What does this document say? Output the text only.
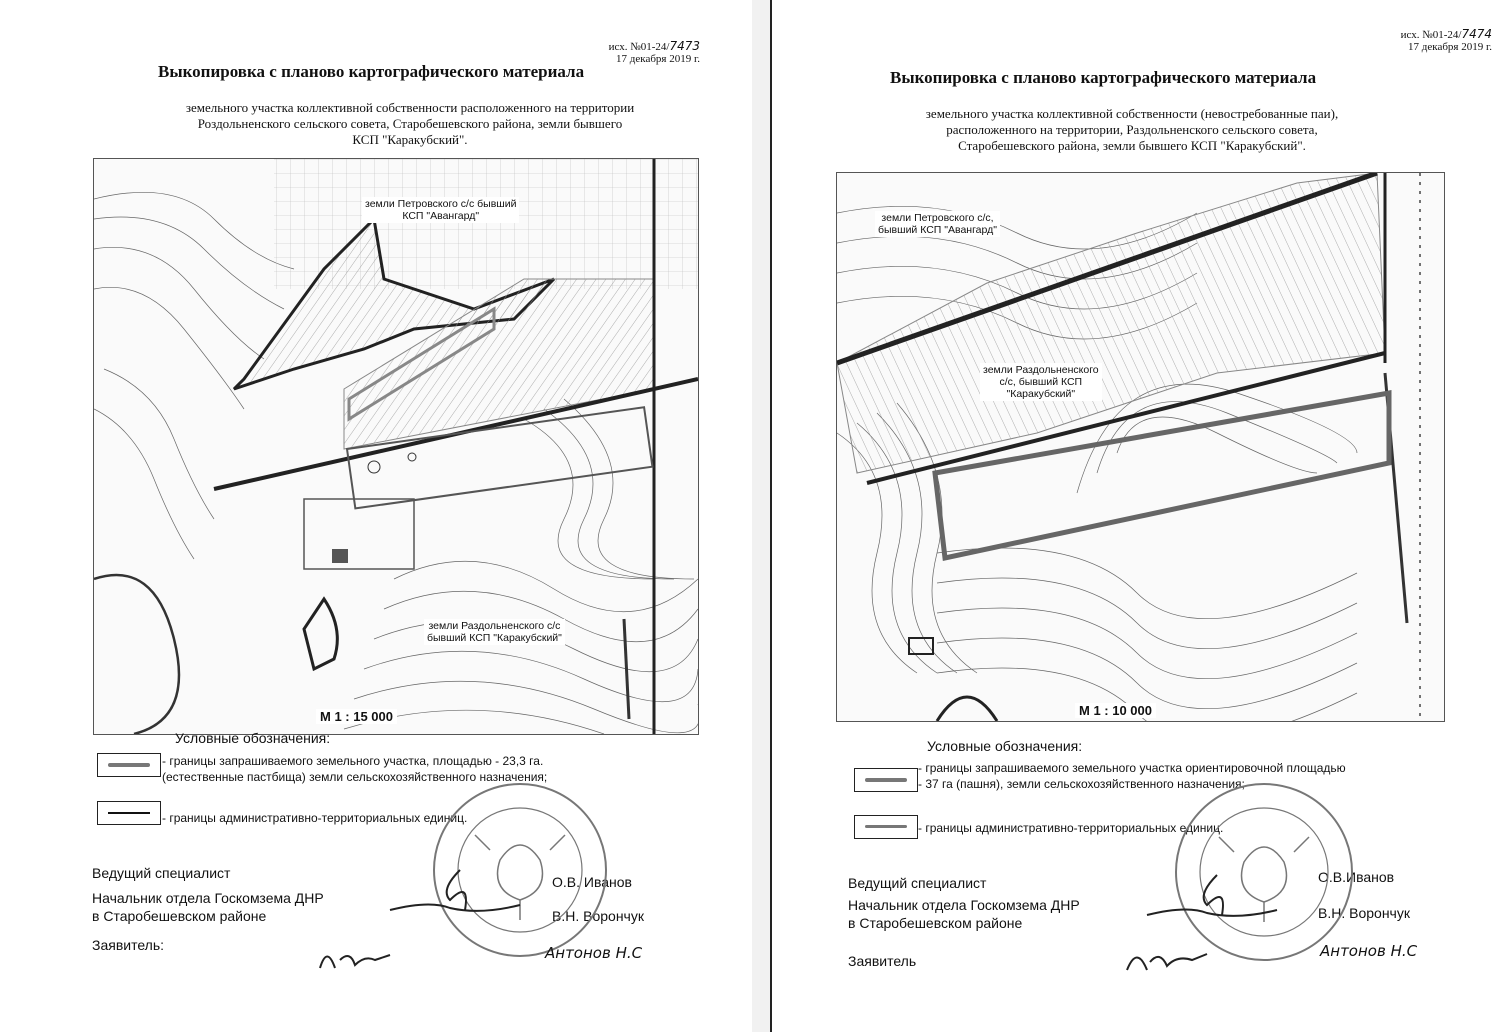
исх. №01-24/7473
17 декабря 2019 г.
Выкопировка с планово картографического материала
земельного участка коллективной собственности расположенного на территории
Роздольненского сельского совета, Старобешевского района, земли бывшего
КСП "Каракубский".
земли Петровского с/с бывший
КСП "Авангард"
земли Раздольненского с/с
бывший КСП "Каракубский"
М 1 : 15 000
Условные обозначения:
- границы запрашиваемого земельного участка, площадью - 23,3 га.
(естественные пастбища) земли сельскохозяйственного назначения;
- границы административно-территориальных единиц.
Ведущий специалист
Начальник отдела Госкомзема ДНР
в Старобешевском районе
Заявитель:
О.В. Иванов
В.Н. Ворончук
Антонов Н.С
исх. №01-24/7474
17 декабря 2019 г.
Выкопировка с планово картографического материала
земельного участка коллективной собственности (невостребованные паи),
расположенного на территории, Раздольненского сельского совета,
Старобешевского района, земли бывшего КСП "Каракубский".
земли Петровского с/с,
бывший КСП "Авангард"
земли Раздольненского
с/с, бывший КСП
"Каракубский"
М 1 : 10 000
Условные обозначения:
- границы запрашиваемого земельного участка ориентировочной площадью
- 37 га (пашня), земли сельскохозяйственного назначения;
- границы административно-территориальных единиц.
Ведущий специалист
Начальник отдела Госкомзема ДНР
в Старобешевском районе
Заявитель
О.В.Иванов
В.Н. Ворончук
Антонов Н.С
